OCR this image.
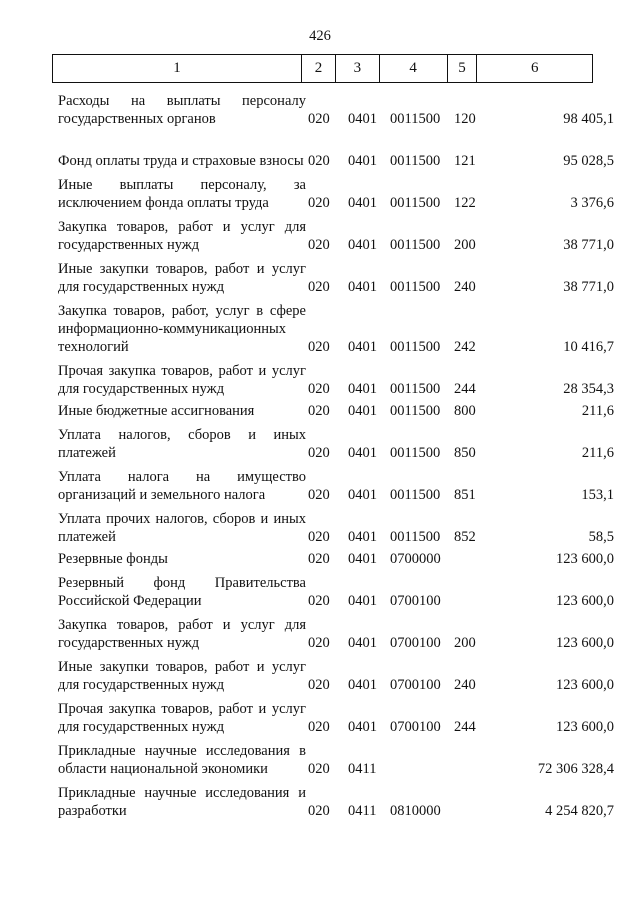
426
1	2	3	4	5	6
Расходы на выплаты персоналу государственных органов	020	0401 0011500 120	98 405,1
Фонд оплаты труда и страховые взносы 020	0401 0011500 121	95 028,5
Иные выплаты персоналу, за исключением фонда оплаты труда	020	0401 0011500 122	3 376,6
Закупка товаров, работ и услуг для государственных нужд	020	0401 0011500 200	38 771,0
Иные закупки товаров, работ и услуг для государственных нужд	020	0401 0011500 240	38 771,0
Закупка товаров, работ, услуг в сфере информационно-коммуникационных технологий	020	0401 0011500 242	10 416,7
Прочая закупка товаров, работ и услуг для государственных нужд	020	0401 0011500 244	28 354,3
Иные бюджетные ассигнования	020	0401 0011500 800	211,6
Уплата налогов, сборов и иных платежей	020	0401 0011500 850	211,6
Уплата налога на имущество организаций и земельного налога	020	0401 0011500 851	153,1
Уплата прочих налогов, сборов и иных платежей	020	0401 0011500 852	58,5
Резервные фонды	020	0401 0700000	123 600,0
Резервный фонд Правительства Российской Федерации	020	0401 0700100	123 600,0
Закупка товаров, работ и услуг для государственных нужд	020	0401 0700100 200	123 600,0
Иные закупки товаров, работ и услуг для государственных нужд	020	0401 0700100 240	123 600,0
Прочая закупка товаров, работ и услуг для государственных нужд	020	0401 0700100 244	123 600,0
Прикладные научные исследования в области национальной экономики	020	0411	72 306 328,4
Прикладные научные исследования и разработки	020	0411 0810000	4 254 820,7
